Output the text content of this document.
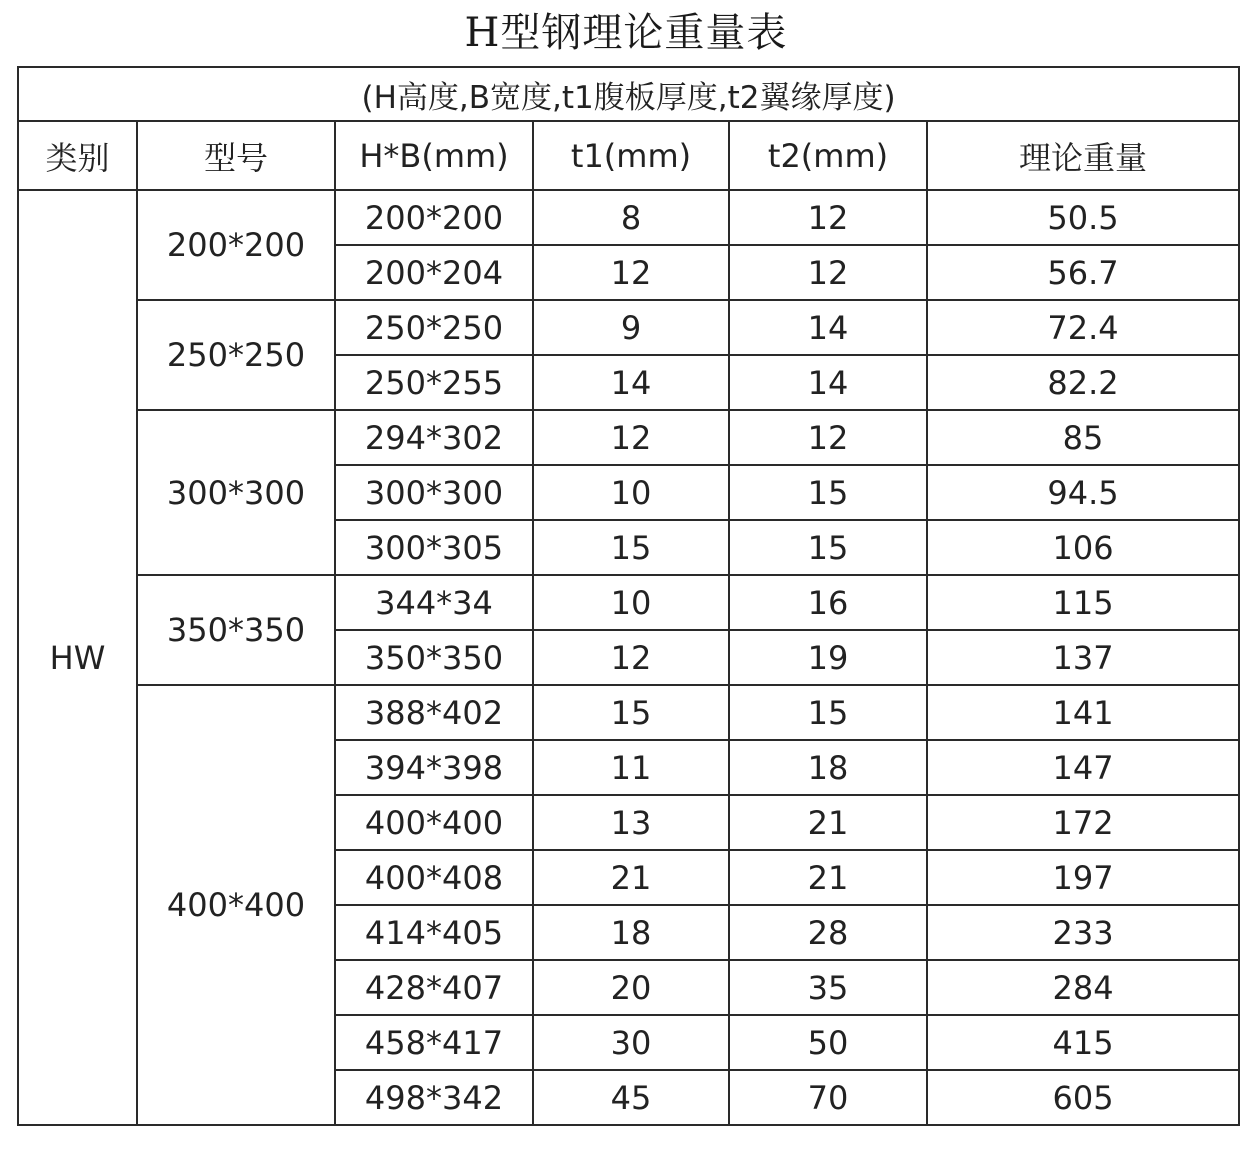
H型钢理论重量表
(H高度,B宽度,t1腹板厚度,t2翼缘厚度)					
类别	型号	H*B(mm)	t1(mm)	t2(mm)	理论重量
HW	200*200	200*200	8	12	50.5
		200*204	12	12	56.7
	250*250	250*250	9	14	72.4
		250*255	14	14	82.2
	300*300	294*302	12	12	85
		300*300	10	15	94.5
		300*305	15	15	106
	350*350	344*34	10	16	115
		350*350	12	19	137
	400*400	388*402	15	15	141
		394*398	11	18	147
		400*400	13	21	172
		400*408	21	21	197
		414*405	18	28	233
		428*407	20	35	284
		458*417	30	50	415
		498*342	45	70	605
